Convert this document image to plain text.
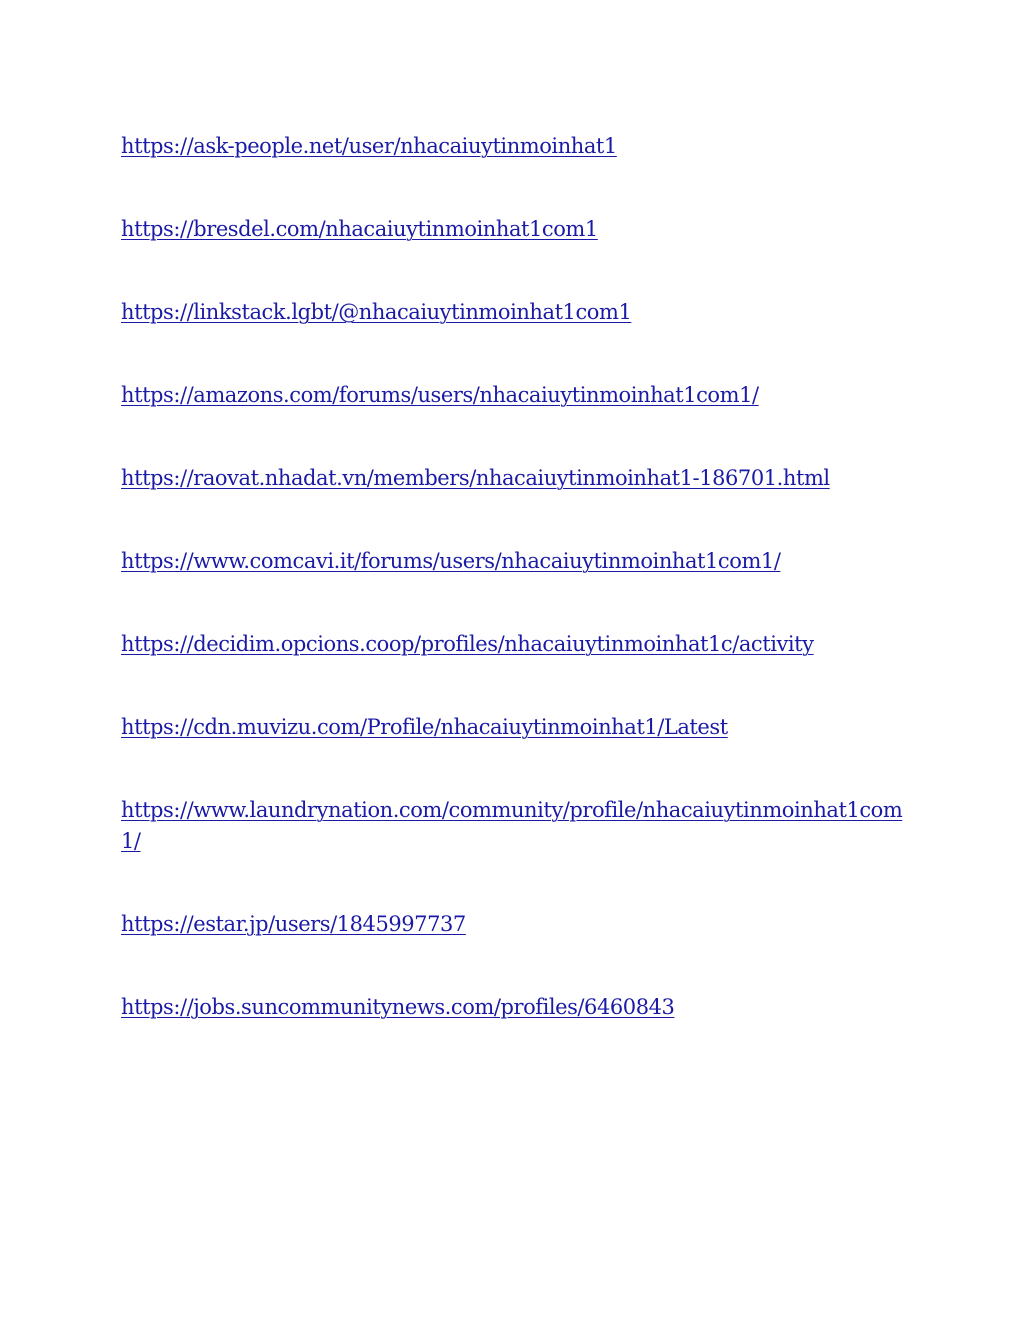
https://ask-people.net/user/nhacaiuytinmoinhat1
https://bresdel.com/nhacaiuytinmoinhat1com1
https://linkstack.lgbt/@nhacaiuytinmoinhat1com1
https://amazons.com/forums/users/nhacaiuytinmoinhat1com1/
https://raovat.nhadat.vn/members/nhacaiuytinmoinhat1-186701.html
https://www.comcavi.it/forums/users/nhacaiuytinmoinhat1com1/
https://decidim.opcions.coop/profiles/nhacaiuytinmoinhat1c/activity
https://cdn.muvizu.com/Profile/nhacaiuytinmoinhat1/Latest
https://www.laundrynation.com/community/profile/nhacaiuytinmoinhat1com1/
https://estar.jp/users/1845997737
https://jobs.suncommunitynews.com/profiles/6460843
